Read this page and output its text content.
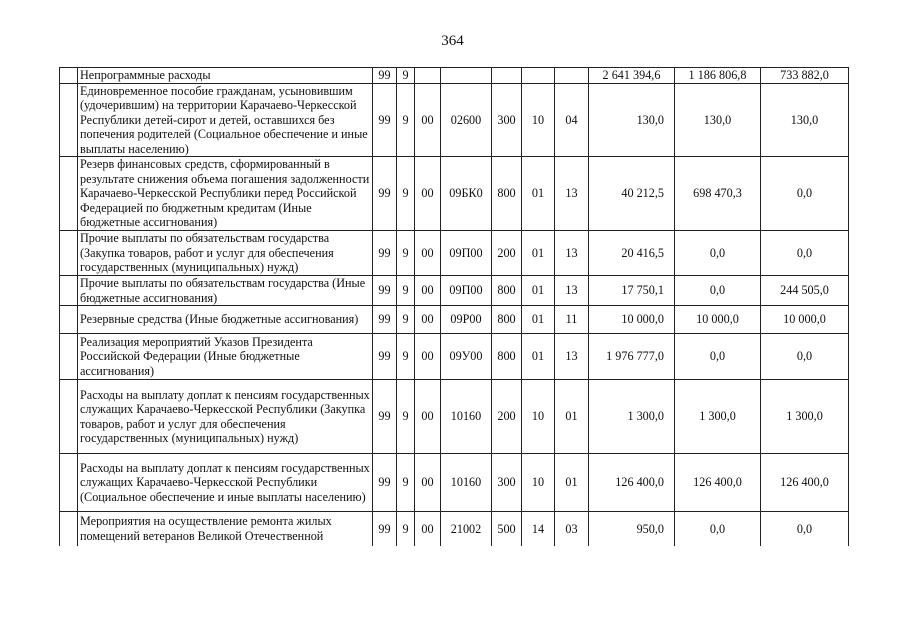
364
	Непрограммные расходы	99	9						2 641 394,6	1 186 806,8	733 882,0
	Единовременное пособие гражданам, усыновившим (удочерившим) на территории Карачаево-Черкесской Республики детей-сирот и детей, оставшихся без попечения родителей (Социальное обеспечение и иные выплаты населению)	99	9	00	02600	300	10	04	130,0	130,0	130,0
	Резерв финансовых средств, сформированный в результате снижения объема погашения задолженности Карачаево-Черкесской Республики перед Российской Федерацией по бюджетным кредитам (Иные бюджетные ассигнования)	99	9	00	09БК0	800	01	13	40 212,5	698 470,3	0,0
	Прочие выплаты по обязательствам государства (Закупка товаров, работ и услуг для обеспечения государственных (муниципальных) нужд)	99	9	00	09П00	200	01	13	20 416,5	0,0	0,0
	Прочие выплаты по обязательствам государства (Иные бюджетные ассигнования)	99	9	00	09П00	800	01	13	17 750,1	0,0	244 505,0
	Резервные средства (Иные бюджетные ассигнования)	99	9	00	09Р00	800	01	11	10 000,0	10 000,0	10 000,0
	Реализация мероприятий Указов Президента Российской Федерации (Иные бюджетные ассигнования)	99	9	00	09У00	800	01	13	1 976 777,0	0,0	0,0
	Расходы на выплату доплат к пенсиям государственных служащих Карачаево-Черкесской Республики (Закупка товаров, работ и услуг для обеспечения государственных (муниципальных) нужд)	99	9	00	10160	200	10	01	1 300,0	1 300,0	1 300,0
	Расходы на выплату доплат к пенсиям государственных служащих Карачаево-Черкесской Республики (Социальное обеспечение и иные выплаты населению)	99	9	00	10160	300	10	01	126 400,0	126 400,0	126 400,0
	Мероприятия на осуществление ремонта жилых помещений ветеранов Великой Отечественной	99	9	00	21002	500	14	03	950,0	0,0	0,0
